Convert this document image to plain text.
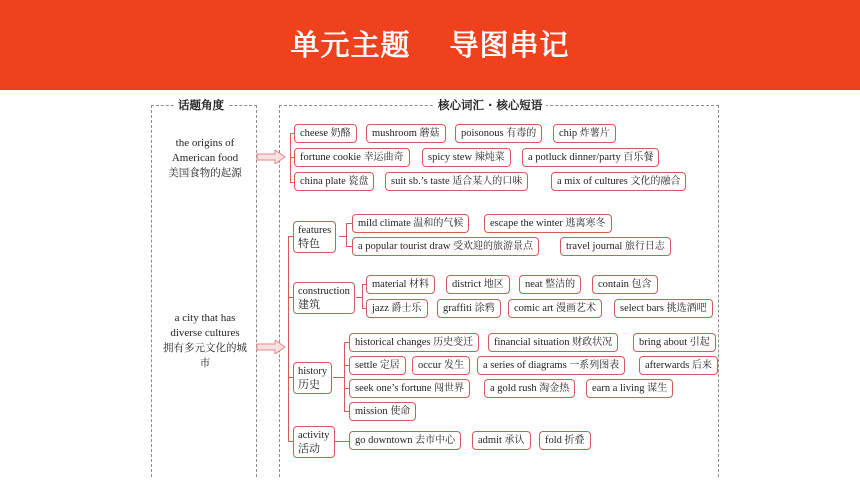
单元主题 导图串记
话题角度	核心词汇 · 核心短语
the origins of American food
美国食物的起源
a city that has diverse cultures
拥有多元文化的城市
cheese 奶酪	mushroom 蘑菇	poisonous 有毒的	chip 炸薯片
fortune cookie 幸运曲奇	spicy stew 辣炖菜	a potluck dinner/party 百乐餐
china plate 瓷盘	suit sb.’s taste 适合某人的口味	a mix of cultures 文化的融合
features
特色
mild climate 温和的气候	escape the winter 逃离寒冬
a popular tourist draw 受欢迎的旅游景点	travel journal 旅行日志
construction
建筑
material 材料	district 地区	neat 整洁的	contain 包含
jazz 爵士乐	graffiti 涂鸦	comic art 漫画艺术	select bars 挑选酒吧
history
历史
historical changes 历史变迁	financial situation 财政状况	bring about 引起
settle 定居	occur 发生	a series of diagrams 一系列图表	afterwards 后来
seek one’s fortune 闯世界	a gold rush 淘金热	earn a living 谋生
mission 使命
activity
活动
go downtown 去市中心	admit 承认	fold 折叠
